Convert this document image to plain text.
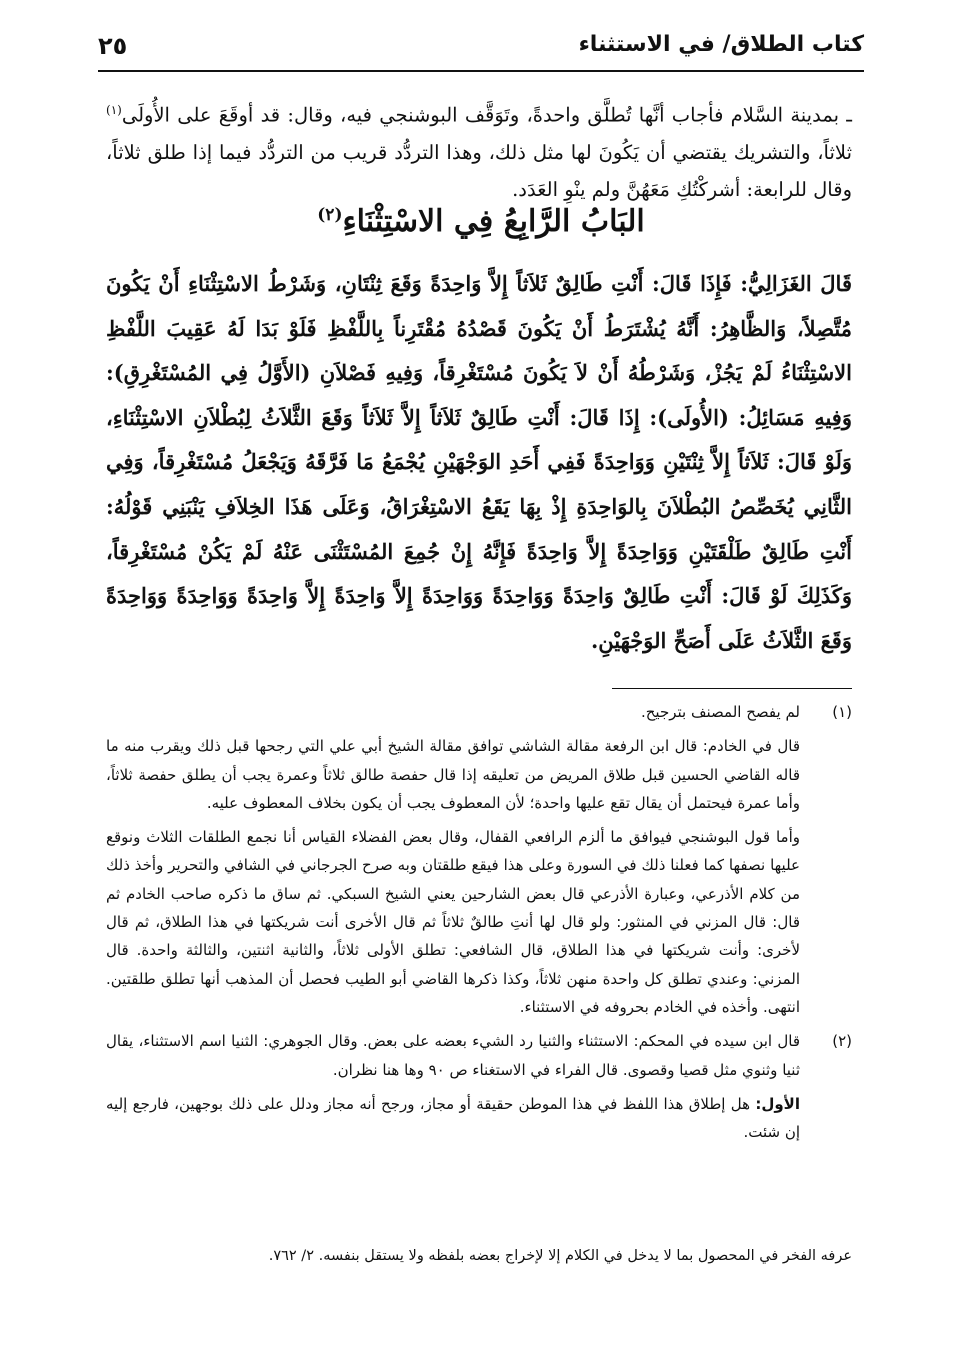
كتاب الطلاق/ في الاستثناء
٢٥
ـ بمدينة السَّلام فأجاب أنَّها تُطلَّق واحدةً، وتَوَقَّف البوشنجي فيه، وقال: قد أوقَعَ على الأُولَى$^{(١)}$ ثلاثاً، والتشريك يقتضي أن يَكُونَ لها مثل ذلك، وهذا التردُّد قريب من التردُّد فيما إذا طلق ثلاثاً، وقال للرابعة: أشركْتُكِ مَعَهُنَّ ولم ينْوِ العَدَد.
البَابُ الرَّابِعُ فِي الاسْتِثْنَاءِ$^{(٢)}$
قَالَ الغَزَالِيُّ: فَإِذَا قَالَ: أَنْتِ طَالِقٌ ثَلاَثاً إِلاَّ وَاحِدَةً وَقَعَ ثِنْتَانِ، وَشَرْطُ الاسْتِثْنَاءِ أَنْ يَكُونَ مُتَّصِلاً، وَالظَّاهِرُ: أَنَّهُ يُشْتَرَطُ أَنْ يَكُونَ قَصْدُهُ مُقْتَرِناً بِاللَّفْظِ فَلَوْ بَدَا لَهُ عَقِيبَ اللَّفْظِ الاسْتِثْنَاءُ لَمْ يَجُزْ، وَشَرْطُهُ أَنْ لاَ يَكُونَ مُسْتَغْرِقاً، وَفِيهِ فَصْلاَنِ (الأَوَّلُ فِي المُسْتَغْرِقِ): وَفِيهِ مَسَائِلُ: (الأُولَى): إِذَا قَالَ: أَنْتِ طَالِقٌ ثَلاَثاً إِلاَّ ثَلاَثاً وَقَعَ الثَّلاَثُ لِبُطْلاَنِ الاسْتِثْنَاءِ، وَلَوْ قَالَ: ثَلاَثاً إِلاَّ ثِنْتَيْنِ وَوَاحِدَةً فَفِي أَحَدِ الوَجْهَيْنِ يُجْمَعُ مَا فَرَّقَهُ وَيَجْعَلُ مُسْتَغْرِقاً، وَفِي الثَّانِي يُخَصِّصُ البُطْلاَنَ بِالوَاحِدَةِ إِذْ بِهَا يَقَعُ الاسْتِغْرَاقُ، وَعَلَى هَذَا الخِلاَفِ يَنْبَنِي قَوْلُهُ: أَنْتِ طَالِقٌ طَلْقَتَيْنِ وَوَاحِدَةً إِلاَّ وَاحِدَةً فَإِنَّهُ إِنْ جُمِعَ المُسْتَثْنَى عَنْهُ لَمْ يَكُنْ مُسْتَغْرِقاً، وَكَذَلِكَ لَوْ قَالَ: أَنْتِ طَالِقٌ وَاحِدَةً وَوَاحِدَةً وَوَاحِدَةً إِلاَّ وَاحِدَةً إِلاَّ وَاحِدَةً وَوَاحِدَةً وَوَاحِدَةً وَقَعَ الثَّلاَثُ عَلَى أَصَحِّ الوَجْهَيْنِ.
(١)

لم يفصح المصنف بترجيح.

قال في الخادم: قال ابن الرفعة مقالة الشاشي توافق مقالة الشيخ أبي علي التي رجحها قبل ذلك ويقرب منه ما قاله القاضي الحسين قبل طلاق المريض من تعليقه إذا قال حفصة طالق ثلاثاً وعمرة يجب أن يطلق حفصة ثلاثاً، وأما عمرة فيحتمل أن يقال تقع عليها واحدة؛ لأن المعطوف يجب أن يكون بخلاف المعطوف عليه.

وأما قول البوشنجي فيوافق ما ألزم الرافعي القفال، وقال بعض الفضلاء القياس أنا نجمع الطلقات الثلاث ونوقع عليها نصفها كما فعلنا ذلك في السورة وعلى هذا فيقع طلقتان وبه صرح الجرجاني في الشافي والتحرير وأخذ ذلك من كلام الأذرعي، وعبارة الأذرعي قال بعض الشارحين يعني الشيخ السبكي. ثم ساق ما ذكره صاحب الخادم ثم قال: قال المزني في المنثور: ولو قال لها أنتِ طالقٌ ثلاثاً ثم قال الأخرى أنت شريكتها في هذا الطلاق، ثم قال لأخرى: وأنت شريكتها في هذا الطلاق، قال الشافعي: تطلق الأولى ثلاثاً، والثانية اثنتين، والثالثة واحدة. قال المزني: وعندي تطلق كل واحدة منهن ثلاثاً، وكذا ذكرها القاضي أبو الطيب فحصل أن المذهب أنها تطلق طلقتين. انتهى. وأخذه في الخادم بحروفه في الاستثناء.

(٢)

قال ابن سيده في المحكم: الاستثناء والثنيا رد الشيء بعضه على بعض. وقال الجوهري: الثنيا اسم الاستثناء، يقال ثنيا وثنوي مثل قصيا وقصوى. قال الفراء في الاستغناء ص ٩٠ وها هنا نظران.

الأول: هل إطلاق هذا اللفظ في هذا الموطن حقيقة أو مجاز، ورجح أنه مجاز ودلل على ذلك بوجهين، فارجع إليه إن شئت.

عرفه الفخر في المحصول بما لا يدخل في الكلام إلا لإخراج بعضه بلفظه ولا يستقل بنفسه. ٢/ ٧٦٢.
